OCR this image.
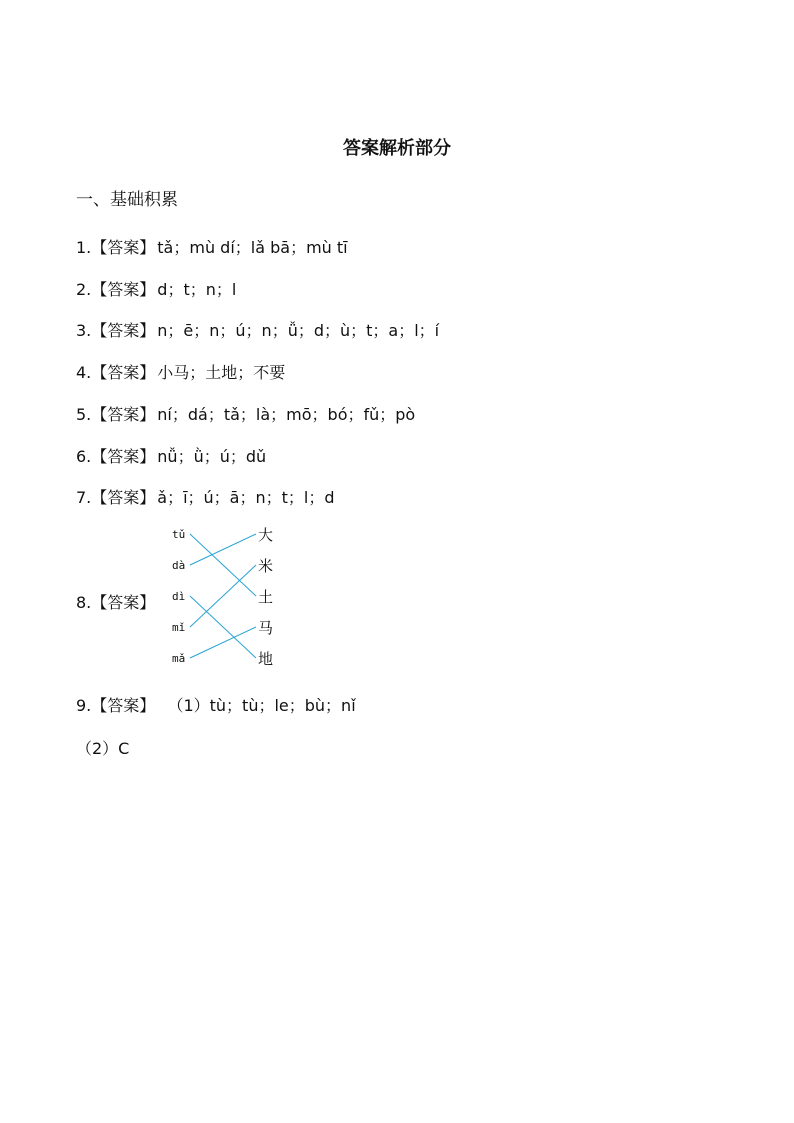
答案解析部分
一、基础积累
1.【答案】 tǎ；mù dí；lǎ bā；mù tī
2.【答案】 d；t；n；l
3.【答案】 n；ē；n；ú；n；ǚ；d；ù；t；a；l；í
4.【答案】 小马；土地；不要
5.【答案】 ní；dá；tǎ；là；mō；bó；fǔ；pò
6.【答案】 nǚ；ǜ；ú；dǔ
7.【答案】 ǎ；ī；ú；ā；n；t；l；d
8.【答案】
tǔ
dà
dì
mǐ
mǎ
大
米
土
马
地
9.【答案】 （1）tù；tù；le；bù；nǐ
（2）C
